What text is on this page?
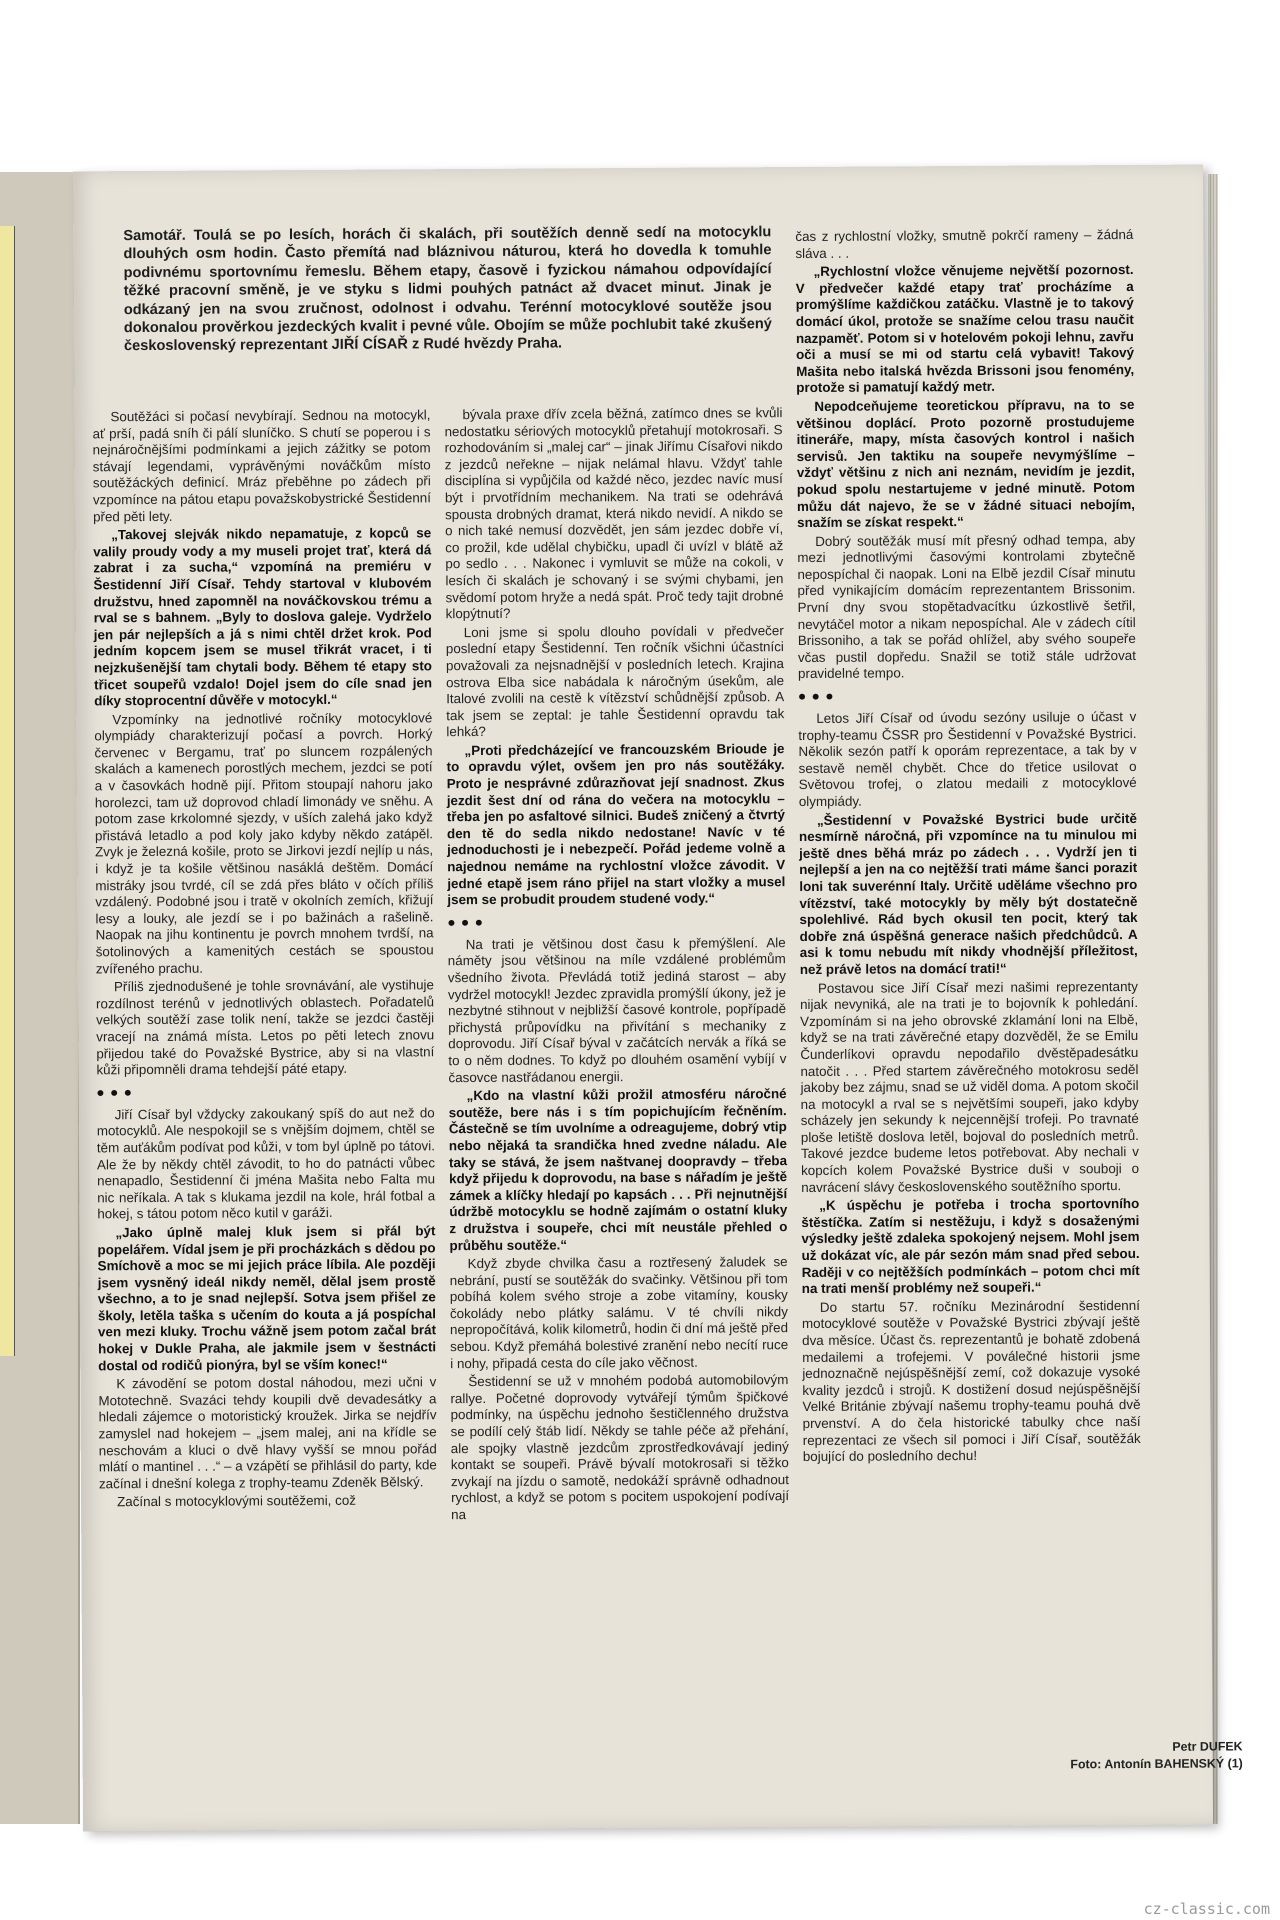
Samotář. Toulá se po lesích, horách či skalách, při soutěžích denně sedí na motocyklu dlouhých osm hodin. Často přemítá nad bláznivou náturou, která ho dovedla k tomuhle podivnému sportovnímu řemeslu. Během etapy, časově i fyzickou námahou odpovídající těžké pracovní směně, je ve styku s lidmi pouhých patnáct až dvacet minut. Jinak je odkázaný jen na svou zručnost, odolnost i odvahu. Terénní motocyklové soutěže jsou dokonalou prověrkou jezdeckých kvalit i pevné vůle. Obojím se může pochlubit také zkušený československý reprezentant JIŘÍ CÍSAŘ z Rudé hvězdy Praha.

Soutěžáci si počasí nevybírají. Sednou na motocykl, ať prší, padá sníh či pálí sluníčko. S chutí se poperou i s nejnáročnějšími podmínkami a jejich zážitky se potom stávají legendami, vyprávěnými nováčkům místo soutěžáckých definicí. Mráz přeběhne po zádech při vzpomínce na pátou etapu považskobystrické Šestidenní před pěti lety.

„Takovej slejvák nikdo nepamatuje, z kopců se valily proudy vody a my museli projet trať, která dá zabrat i za sucha,“ vzpomíná na premiéru v Šestidenní Jiří Císař. Tehdy startoval v klubovém družstvu, hned zapomněl na nováčkovskou trému a rval se s bahnem. „Byly to doslova galeje. Vydrželo jen pár nejlepších a já s nimi chtěl držet krok. Pod jedním kopcem jsem se musel třikrát vracet, i ti nejzkušenější tam chytali body. Během té etapy sto třicet soupeřů vzdalo! Dojel jsem do cíle snad jen díky stoprocentní důvěře v motocykl.“

Vzpomínky na jednotlivé ročníky motocyklové olympiády charakterizují počasí a povrch. Horký červenec v Bergamu, trať po sluncem rozpálených skalách a kamenech porostlých mechem, jezdci se potí a v časovkách hodně pijí. Přitom stoupají nahoru jako horolezci, tam už doprovod chladí limonády ve sněhu. A potom zase krkolomné sjezdy, v uších zalehá jako když přistává letadlo a pod koly jako kdyby někdo zatápěl. Zvyk je železná košile, proto se Jirkovi jezdí nejlíp u nás, i když je ta košile většinou nasáklá deštěm. Domácí mistráky jsou tvrdé, cíl se zdá přes bláto v očích příliš vzdálený. Podobné jsou i tratě v okolních zemích, křižují lesy a louky, ale jezdí se i po bažinách a rašelině. Naopak na jihu kontinentu je povrch mnohem tvrdší, na šotolinových a kamenitých cestách se spoustou zvířeného prachu.

Příliš zjednodušené je tohle srovnávání, ale vystihuje rozdílnost terénů v jednotlivých oblastech. Pořadatelů velkých soutěží zase tolik není, takže se jezdci častěji vracejí na známá místa. Letos po pěti letech znovu přijedou také do Považské Bystrice, aby si na vlastní kůži připomněli drama tehdejší páté etapy.

•••

Jiří Císař byl vždycky zakoukaný spíš do aut než do motocyklů. Ale nespokojil se s vnějším dojmem, chtěl se těm auťákům podívat pod kůži, v tom byl úplně po tátovi. Ale že by někdy chtěl závodit, to ho do patnácti vůbec nenapadlo, Šestidenní či jména Mašita nebo Falta mu nic neříkala. A tak s klukama jezdil na kole, hrál fotbal a hokej, s tátou potom něco kutil v garáži.

„Jako úplně malej kluk jsem si přál být popelářem. Vídal jsem je při procházkách s dědou po Smíchově a moc se mi jejich práce líbila. Ale později jsem vysněný ideál nikdy neměl, dělal jsem prostě všechno, a to je snad nejlepší. Sotva jsem přišel ze školy, letěla taška s učením do kouta a já pospíchal ven mezi kluky. Trochu vážně jsem potom začal brát hokej v Dukle Praha, ale jakmile jsem v šestnácti dostal od rodičů pionýra, byl se vším konec!“

K závodění se potom dostal náhodou, mezi učni v Mototechně. Svazáci tehdy koupili dvě devadesátky a hledali zájemce o motoristický kroužek. Jirka se nejdřív zamyslel nad hokejem – „jsem malej, ani na křídle se neschovám a kluci o dvě hlavy vyšší se mnou pořád mlátí o mantinel . . .“ – a vzápětí se přihlásil do party, kde začínal i dnešní kolega z trophy-teamu Zdeněk Bělský.

Začínal s motocyklovými soutěžemi, což

bývala praxe dřív zcela běžná, zatímco dnes se kvůli nedostatku sériových motocyklů přetahují motokrosaři. S rozhodováním si „malej car“ – jinak Jiřímu Císařovi nikdo z jezdců neřekne – nijak nelámal hlavu. Vždyť tahle disciplína si vypůjčila od každé něco, jezdec navíc musí být i prvotřídním mechanikem. Na trati se odehrává spousta drobných dramat, která nikdo nevidí. A nikdo se o nich také nemusí dozvědět, jen sám jezdec dobře ví, co prožil, kde udělal chybičku, upadl či uvízl v blátě až po sedlo . . . Nakonec i vymluvit se může na cokoli, v lesích či skalách je schovaný i se svými chybami, jen svědomí potom hryže a nedá spát. Proč tedy tajit drobné klopýtnutí?

Loni jsme si spolu dlouho povídali v předvečer poslední etapy Šestidenní. Ten ročník všichni účastníci považovali za nejsnadnější v posledních letech. Krajina ostrova Elba sice nabádala k náročným úsekům, ale Italové zvolili na cestě k vítězství schůdnější způsob. A tak jsem se zeptal: je tahle Šestidenní opravdu tak lehká?

„Proti předcházející ve francouzském Brioude je to opravdu výlet, ovšem jen pro nás soutěžáky. Proto je nesprávné zdůrazňovat její snadnost. Zkus jezdit šest dní od rána do večera na motocyklu – třeba jen po asfaltové silnici. Budeš zničený a čtvrtý den tě do sedla nikdo nedostane! Navíc v té jednoduchosti je i nebezpečí. Pořád jedeme volně a najednou nemáme na rychlostní vložce závodit. V jedné etapě jsem ráno přijel na start vložky a musel jsem se probudit proudem studené vody.“

•••

Na trati je většinou dost času k přemýšlení. Ale náměty jsou většinou na míle vzdálené problémům všedního života. Převládá totiž jediná starost – aby vydržel motocykl! Jezdec zpravidla promýšlí úkony, jež je nezbytné stihnout v nejbližší časové kontrole, popřípadě přichystá průpovídku na přivítání s mechaniky z doprovodu. Jiří Císař býval v začátcích nervák a říká se to o něm dodnes. To když po dlouhém osamění vybíjí v časovce nastřádanou energii.

„Kdo na vlastní kůži prožil atmosféru náročné soutěže, bere nás i s tím popichujícím řečněním. Částečně se tím uvolníme a odreagujeme, dobrý vtip nebo nějaká ta srandička hned zvedne náladu. Ale taky se stává, že jsem naštvanej doopravdy – třeba když přijedu k doprovodu, na base s nářadím je ještě zámek a klíčky hledají po kapsách . . . Při nejnutnější údržbě motocyklu se hodně zajímám o ostatní kluky z družstva i soupeře, chci mít neustále přehled o průběhu soutěže.“

Když zbyde chvilka času a roztřesený žaludek se nebrání, pustí se soutěžák do svačinky. Většinou při tom pobíhá kolem svého stroje a zobe vitamíny, kousky čokolády nebo plátky salámu. V té chvíli nikdy nepropočítává, kolik kilometrů, hodin či dní má ještě před sebou. Když přemáhá bolestivé zranění nebo necítí ruce i nohy, připadá cesta do cíle jako věčnost.

Šestidenní se už v mnohém podobá automobilovým rallye. Početné doprovody vytvářejí týmům špičkové podmínky, na úspěchu jednoho šestičlenného družstva se podílí celý štáb lidí. Někdy se tahle péče až přehání, ale spojky vlastně jezdcům zprostředkovávají jediný kontakt se soupeři. Právě bývalí motokrosaři si těžko zvykají na jízdu o samotě, nedokáží správně odhadnout rychlost, a když se potom s pocitem uspokojení podívají na

čas z rychlostní vložky, smutně pokrčí rameny – žádná sláva . . .

„Rychlostní vložce věnujeme největší pozornost. V předvečer každé etapy trať procházíme a promýšlíme každičkou zatáčku. Vlastně je to takový domácí úkol, protože se snažíme celou trasu naučit nazpaměť. Potom si v hotelovém pokoji lehnu, zavřu oči a musí se mi od startu celá vybavit! Takový Mašita nebo italská hvězda Brissoni jsou fenomény, protože si pamatují každý metr.

Nepodceňujeme teoretickou přípravu, na to se většinou doplácí. Proto pozorně prostudujeme itineráře, mapy, místa časových kontrol i našich servisů. Jen taktiku na soupeře nevymýšlíme – vždyť většinu z nich ani neznám, nevidím je jezdit, pokud spolu nestartujeme v jedné minutě. Potom můžu dát najevo, že se v žádné situaci nebojím, snažím se získat respekt.“

Dobrý soutěžák musí mít přesný odhad tempa, aby mezi jednotlivými časovými kontrolami zbytečně nepospíchal či naopak. Loni na Elbě jezdil Císař minutu před vynikajícím domácím reprezentantem Brissonim. První dny svou stopětadvacítku úzkostlivě šetřil, nevytáčel motor a nikam nepospíchal. Ale v zádech cítil Brissoniho, a tak se pořád ohlížel, aby svého soupeře včas pustil dopředu. Snažil se totiž stále udržovat pravidelné tempo.

•••

Letos Jiří Císař od úvodu sezóny usiluje o účast v trophy-teamu ČSSR pro Šestidenní v Považské Bystrici. Několik sezón patří k oporám reprezentace, a tak by v sestavě neměl chybět. Chce do třetice usilovat o Světovou trofej, o zlatou medaili z motocyklové olympiády.

„Šestidenní v Považské Bystrici bude určitě nesmírně náročná, při vzpomínce na tu minulou mi ještě dnes běhá mráz po zádech . . . Vydrží jen ti nejlepší a jen na co nejtěžší trati máme šanci porazit loni tak suverénní Italy. Určitě uděláme všechno pro vítězství, také motocykly by měly být dostatečně spolehlivé. Rád bych okusil ten pocit, který tak dobře zná úspěšná generace našich předchůdců. A asi k tomu nebudu mít nikdy vhodnější příležitost, než právě letos na domácí trati!“

Postavou sice Jiří Císař mezi našimi reprezentanty nijak nevyniká, ale na trati je to bojovník k pohledání. Vzpomínám si na jeho obrovské zklamání loni na Elbě, když se na trati závěrečné etapy dozvěděl, že se Emilu Čunderlíkovi opravdu nepodařilo dvěstěpadesátku natočit . . . Před startem závěrečného motokrosu seděl jakoby bez zájmu, snad se už viděl doma. A potom skočil na motocykl a rval se s největšími soupeři, jako kdyby scházely jen sekundy k nejcennější trofeji. Po travnaté ploše letiště doslova letěl, bojoval do posledních metrů. Takové jezdce budeme letos potřebovat. Aby nechali v kopcích kolem Považské Bystrice duši v souboji o navrácení slávy československého soutěžního sportu.

„K úspěchu je potřeba i trocha sportovního štěstíčka. Zatím si nestěžuju, i když s dosaženými výsledky ještě zdaleka spokojený nejsem. Mohl jsem už dokázat víc, ale pár sezón mám snad před sebou. Raději v co nejtěžších podmínkách – potom chci mít na trati menší problémy než soupeři.“

Do startu 57. ročníku Mezinárodní šestidenní motocyklové soutěže v Považské Bystrici zbývají ještě dva měsíce. Účast čs. reprezentantů je bohatě zdobená medailemi a trofejemi. V poválečné historii jsme jednoznačně nejúspěšnější zemí, což dokazuje vysoké kvality jezdců i strojů. K dostižení dosud nejúspěšnější Velké Británie zbývají našemu trophy-teamu pouhá dvě prvenství. A do čela historické tabulky chce naší reprezentaci ze všech sil pomoci i Jiří Císař, soutěžák bojující do posledního dechu!

Petr DUFEK
Foto: Antonín BAHENSKÝ (1)
cz-classic.com
